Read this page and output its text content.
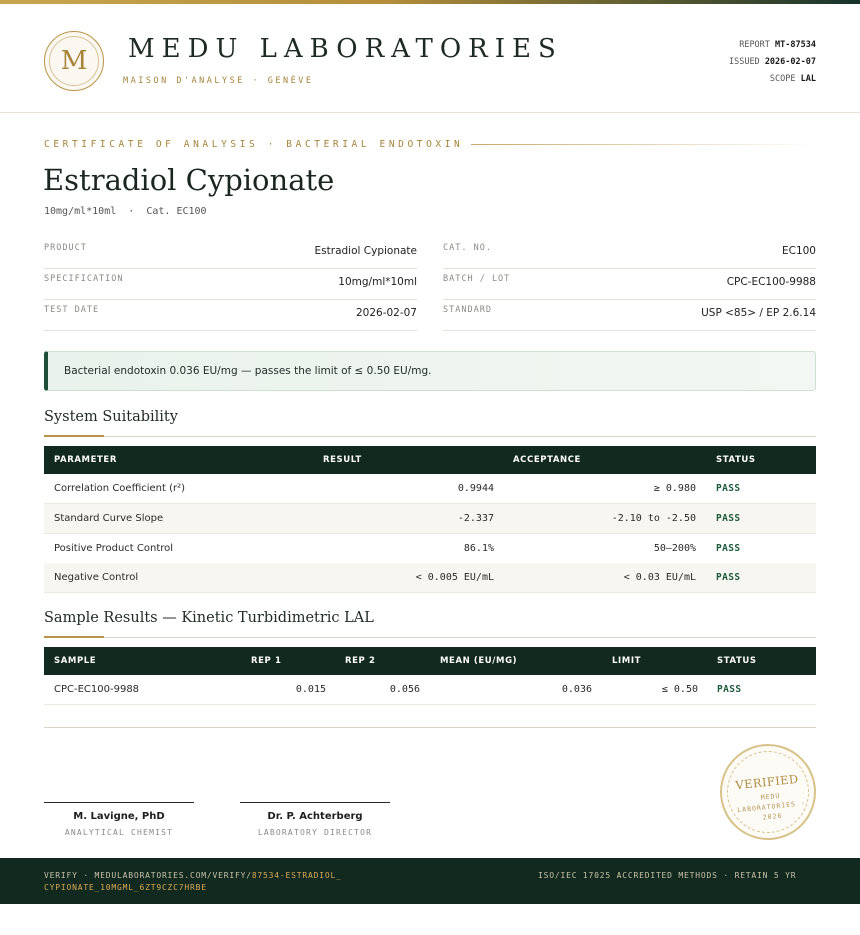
M	MEDU LABORATORIES
MAISON D'ANALYSE · GENÈVE
REPORT MT-87534
ISSUED 2026-02-07
SCOPE LAL
CERTIFICATE OF ANALYSIS · BACTERIAL ENDOTOXIN
Estradiol Cypionate
10mg/ml*10ml  ·  Cat. EC100
PRODUCT	Estradiol Cypionate
SPECIFICATION	10mg/ml*10ml
TEST DATE	2026-02-07
CAT. NO.	EC100
BATCH / LOT	CPC-EC100-9988
STANDARD	USP <85> / EP 2.6.14
Bacterial endotoxin 0.036 EU/mg — passes the limit of ≤ 0.50 EU/mg.
System Suitability
PARAMETER	RESULT	ACCEPTANCE	STATUS
Correlation Coefficient (r²)	0.9944	≥ 0.980 PASS
Standard Curve Slope	-2.337	-2.10 to -2.50 PASS
Positive Product Control	86.1%	50–200% PASS
Negative Control	< 0.005 EU/mL	< 0.03 EU/mL PASS
Sample Results — Kinetic Turbidimetric LAL
SAMPLE	REP 1	REP 2	MEAN (EU/MG)	LIMIT	STATUS
CPC-EC100-9988	0.015	0.056	0.036	≤ 0.50 PASS
M. Lavigne, PhD
ANALYTICAL CHEMIST
Dr. P. Achterberg
LABORATORY DIRECTOR
VERIFIED
MEDU LABORATORIES · 2026
VERIFY · MEDULABORATORIES.COM/VERIFY/87534-ESTRADIOL_CYPIONATE_10MGML_6ZT9CZC7HRBE
ISO/IEC 17025 ACCREDITED METHODS · RETAIN 5 YR
